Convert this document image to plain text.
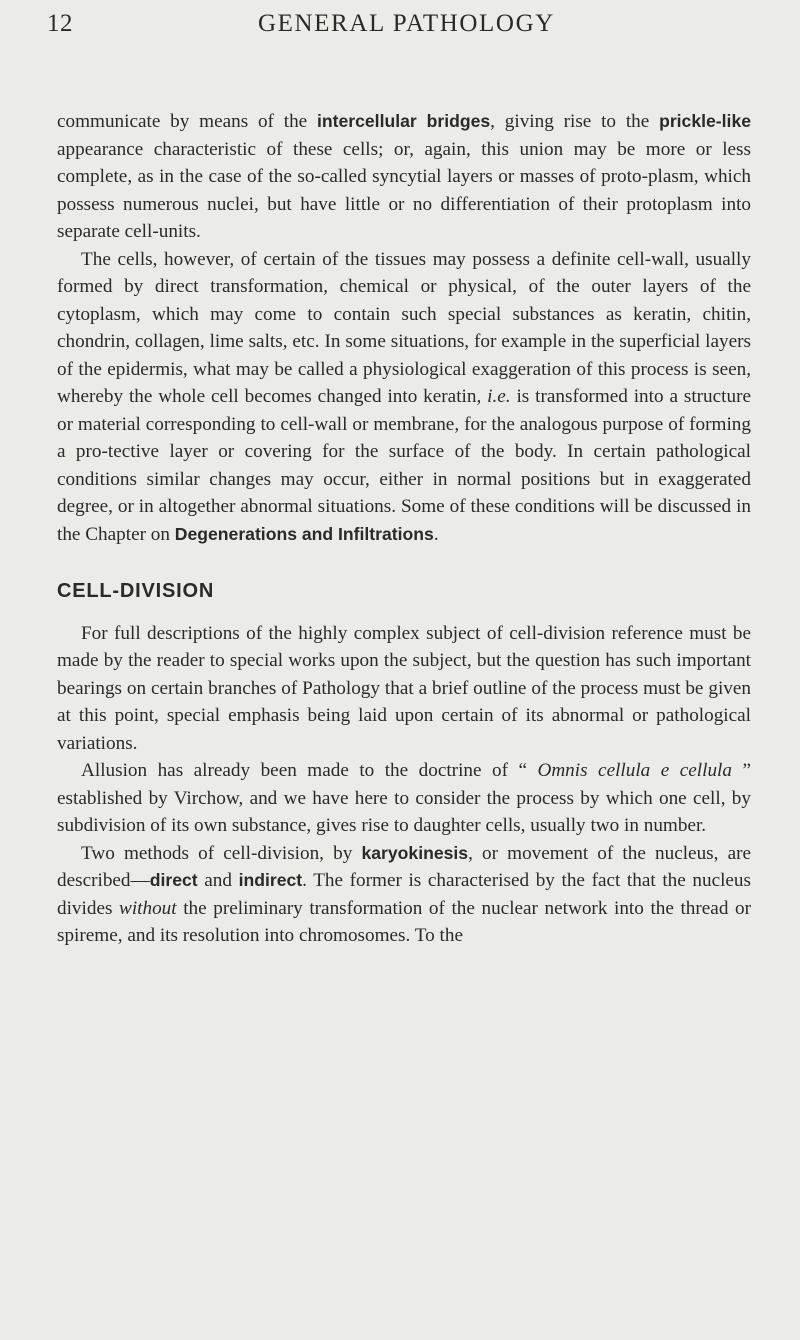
12	GENERAL PATHOLOGY

communicate by means of the intercellular bridges, giving rise to the prickle-like appearance characteristic of these cells; or, again, this union may be more or less complete, as in the case of the so-called syncytial layers or masses of proto-plasm, which possess numerous nuclei, but have little or no differentiation of their protoplasm into separate cell-units.

The cells, however, of certain of the tissues may possess a definite cell-wall, usually formed by direct transformation, chemical or physical, of the outer layers of the cytoplasm, which may come to contain such special substances as keratin, chitin, chondrin, collagen, lime salts, etc. In some situations, for example in the superficial layers of the epidermis, what may be called a physiological exaggeration of this process is seen, whereby the whole cell becomes changed into keratin, i.e. is transformed into a structure or material corresponding to cell-wall or membrane, for the analogous purpose of forming a pro-tective layer or covering for the surface of the body. In certain pathological conditions similar changes may occur, either in normal positions but in exaggerated degree, or in altogether abnormal situations. Some of these conditions will be discussed in the Chapter on Degenerations and Infiltrations.

CELL-DIVISION

For full descriptions of the highly complex subject of cell-division reference must be made by the reader to special works upon the subject, but the question has such important bearings on certain branches of Pathology that a brief outline of the process must be given at this point, special emphasis being laid upon certain of its abnormal or pathological variations.

Allusion has already been made to the doctrine of “ Omnis cellula e cellula ” established by Virchow, and we have here to consider the process by which one cell, by subdivision of its own substance, gives rise to daughter cells, usually two in number.

Two methods of cell-division, by karyokinesis, or movement of the nucleus, are described—direct and indirect. The former is characterised by the fact that the nucleus divides without the preliminary transformation of the nuclear network into the thread or spireme, and its resolution into chromosomes. To the
